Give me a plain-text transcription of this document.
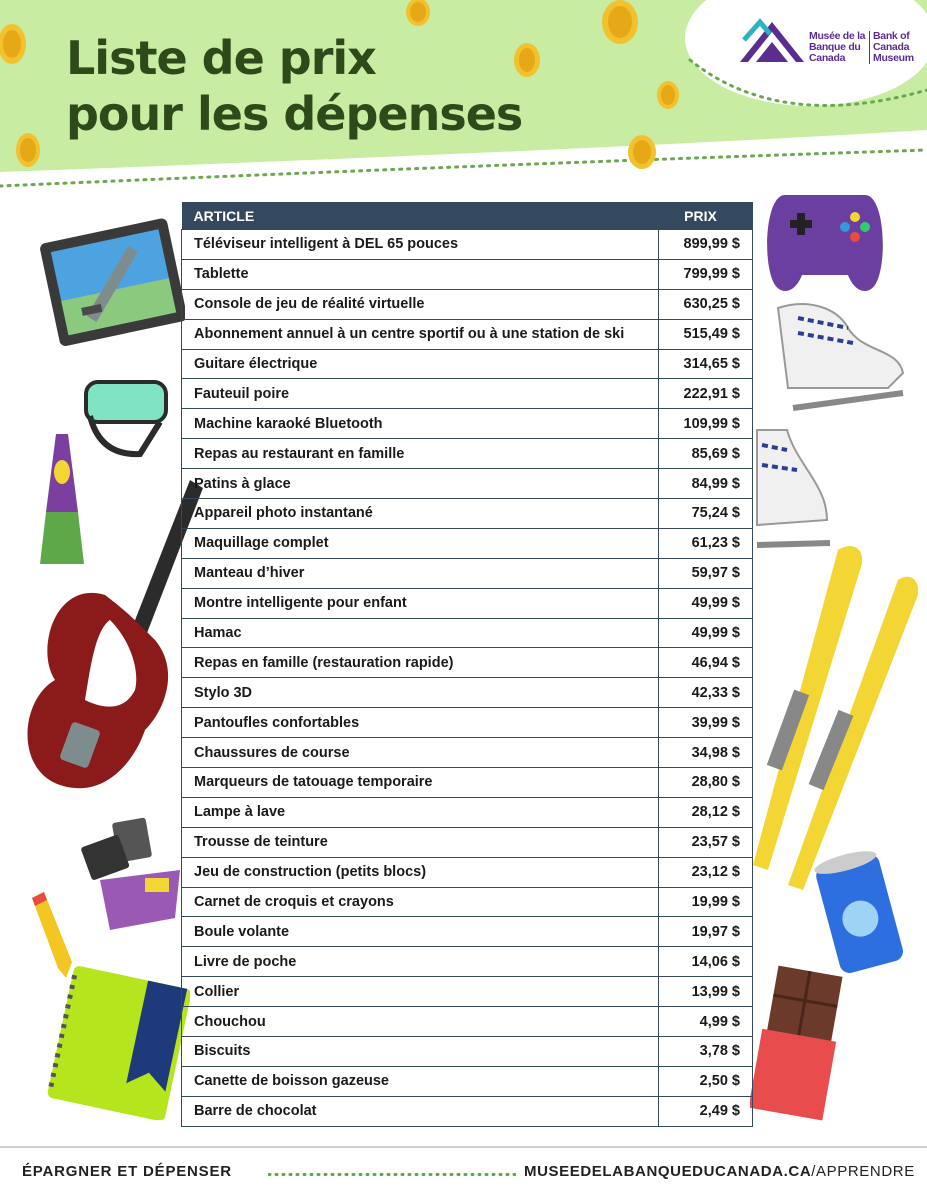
Liste de prix
pour les dépenses
Musée de la Banque du Canada
Bank of Canada Museum
ARTICLE	PRIX
Téléviseur intelligent à DEL 65 pouces	899,99 $
Tablette	799,99 $
Console de jeu de réalité virtuelle	630,25 $
Abonnement annuel à un centre sportif ou à une station de ski	515,49 $
Guitare électrique	314,65 $
Fauteuil poire	222,91 $
Machine karaoké Bluetooth	109,99 $
Repas au restaurant en famille	85,69 $
Patins à glace	84,99 $
Appareil photo instantané	75,24 $
Maquillage complet	61,23 $
Manteau d’hiver	59,97 $
Montre intelligente pour enfant	49,99 $
Hamac	49,99 $
Repas en famille (restauration rapide)	46,94 $
Stylo 3D	42,33 $
Pantoufles confortables	39,99 $
Chaussures de course	34,98 $
Marqueurs de tatouage temporaire	28,80 $
Lampe à lave	28,12 $
Trousse de teinture	23,57 $
Jeu de construction (petits blocs)	23,12 $
Carnet de croquis et crayons	19,99 $
Boule volante	19,97 $
Livre de poche	14,06 $
Collier	13,99 $
Chouchou	4,99 $
Biscuits	3,78 $
Canette de boisson gazeuse	2,50 $
Barre de chocolat	2,49 $
ÉPARGNER ET DÉPENSER	MUSEEDELABANQUEDUCANADA.CA/APPRENDRE
